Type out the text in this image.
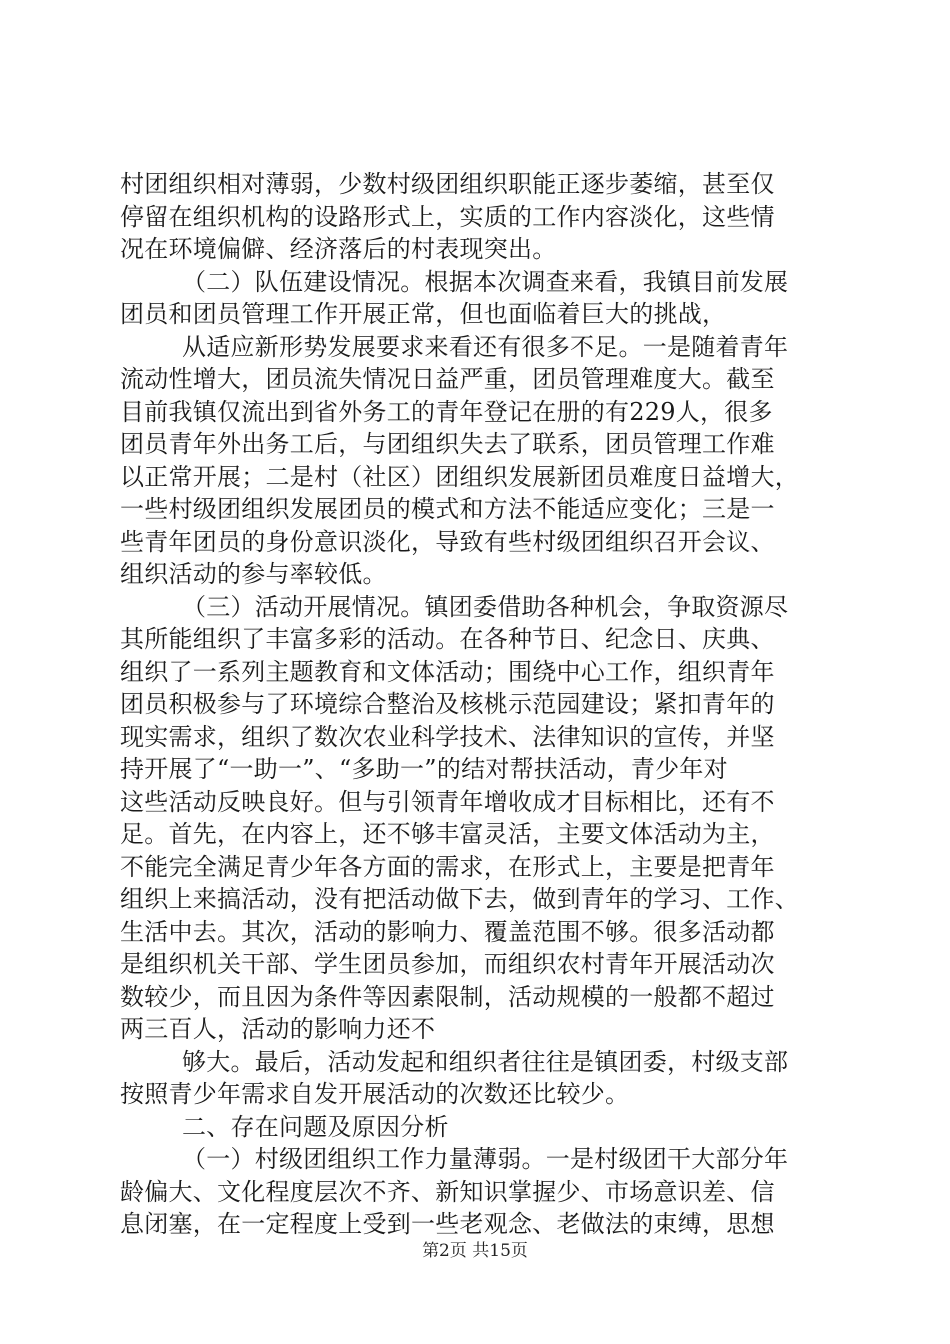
村团组织相对薄弱，少数村级团组织职能正逐步萎缩，甚至仅
停留在组织机构的设路形式上，实质的工作内容淡化，这些情
况在环境偏僻、经济落后的村表现突出。
（二）队伍建设情况。根据本次调查来看，我镇目前发展
团员和团员管理工作开展正常，但也面临着巨大的挑战，
从适应新形势发展要求来看还有很多不足。一是随着青年
流动性增大，团员流失情况日益严重，团员管理难度大。截至
目前我镇仅流出到省外务工的青年登记在册的有229人，很多
团员青年外出务工后，与团组织失去了联系，团员管理工作难
以正常开展；二是村（社区）团组织发展新团员难度日益增大，
一些村级团组织发展团员的模式和方法不能适应变化；三是一
些青年团员的身份意识淡化，导致有些村级团组织召开会议、
组织活动的参与率较低。
（三）活动开展情况。镇团委借助各种机会，争取资源尽
其所能组织了丰富多彩的活动。在各种节日、纪念日、庆典、
组织了一系列主题教育和文体活动；围绕中心工作，组织青年
团员积极参与了环境综合整治及核桃示范园建设；紧扣青年的
现实需求，组织了数次农业科学技术、法律知识的宣传，并坚
持开展了“一助一”、“多助一”的结对帮扶活动，青少年对
这些活动反映良好。但与引领青年增收成才目标相比，还有不
足。首先，在内容上，还不够丰富灵活，主要文体活动为主，
不能完全满足青少年各方面的需求，在形式上，主要是把青年
组织上来搞活动，没有把活动做下去，做到青年的学习、工作、
生活中去。其次，活动的影响力、覆盖范围不够。很多活动都
是组织机关干部、学生团员参加，而组织农村青年开展活动次
数较少，而且因为条件等因素限制，活动规模的一般都不超过
两三百人，活动的影响力还不
够大。最后，活动发起和组织者往往是镇团委，村级支部
按照青少年需求自发开展活动的次数还比较少。
二、存在问题及原因分析
（一）村级团组织工作力量薄弱。一是村级团干大部分年
龄偏大、文化程度层次不齐、新知识掌握少、市场意识差、信
息闭塞，在一定程度上受到一些老观念、老做法的束缚，思想
第2页 共15页
